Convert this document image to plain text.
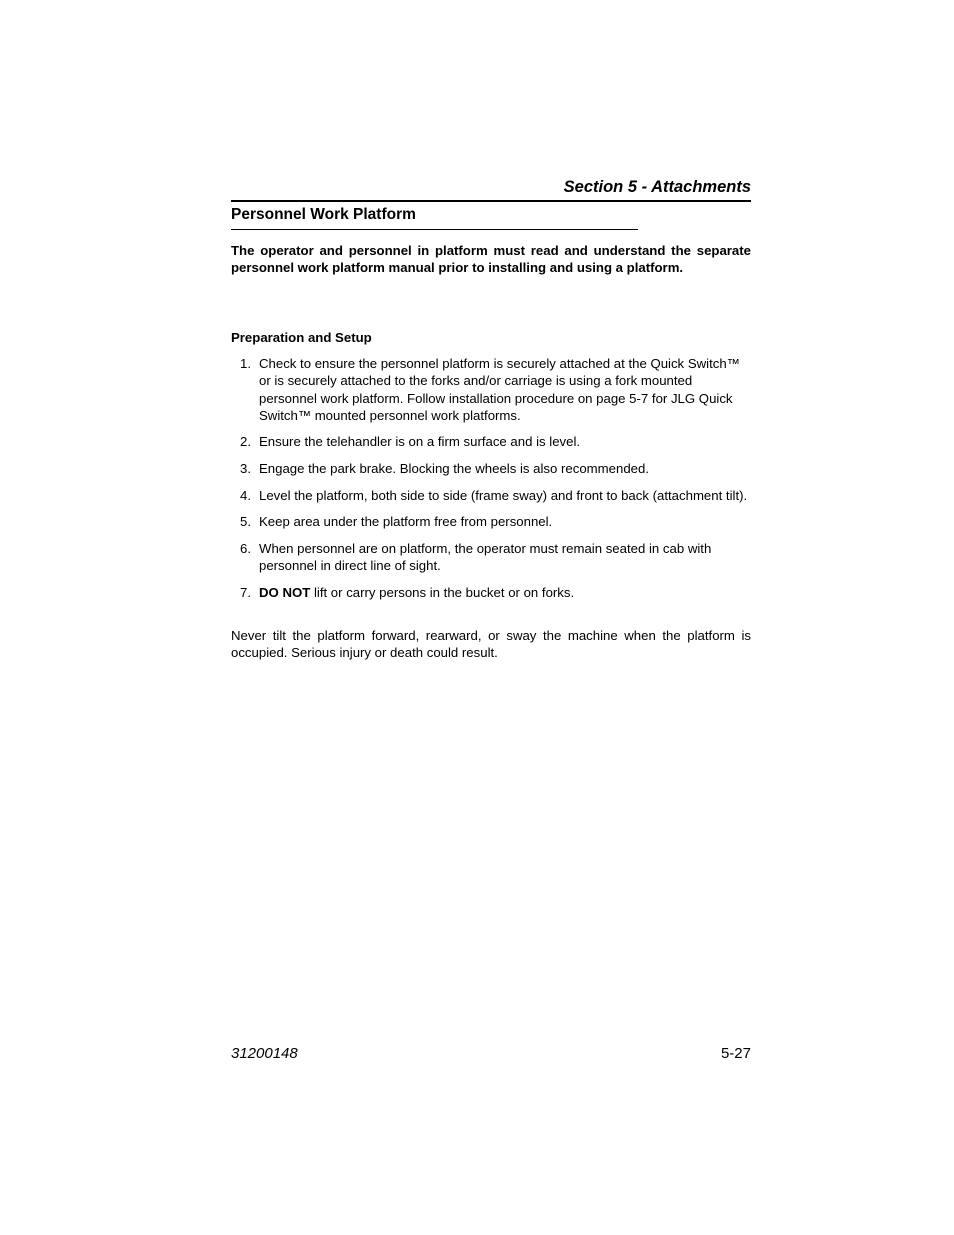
Section 5 - Attachments
Personnel Work Platform

The operator and personnel in platform must read and understand the separate personnel work platform manual prior to installing and using a platform.

Preparation and Setup

1. Check to ensure the personnel platform is securely attached at the Quick Switch™ or is securely attached to the forks and/or carriage is using a fork mounted personnel work platform. Follow installation procedure on page 5-7 for JLG Quick Switch™ mounted personnel work platforms.
2. Ensure the telehandler is on a firm surface and is level.
3. Engage the park brake. Blocking the wheels is also recommended.
4. Level the platform, both side to side (frame sway) and front to back (attachment tilt).
5. Keep area under the platform free from personnel.
6. When personnel are on platform, the operator must remain seated in cab with personnel in direct line of sight.
7. DO NOT lift or carry persons in the bucket or on forks.

Never tilt the platform forward, rearward, or sway the machine when the platform is occupied. Serious injury or death could result.

31200148	5-27
